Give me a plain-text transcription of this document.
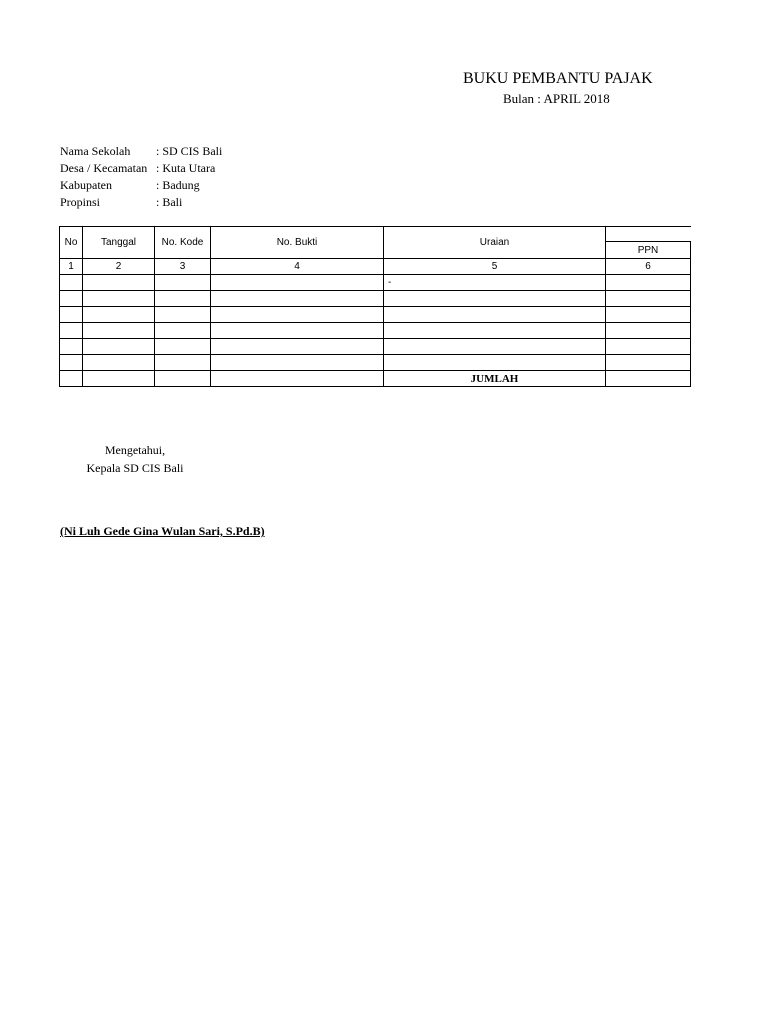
BUKU PEMBANTU PAJAK
Bulan : APRIL 2018
Nama Sekolah : SD CIS Bali
Desa / Kecamatan : Kuta Utara
Kabupaten	: Badung
Propinsi	: Bali
No	Tanggal	No. Kode	No. Bukti	Uraian	
					PPN
1	2	3	4	5	6
				-	

				JUMLAH	
Mengetahui,
Kepala SD CIS Bali
(Ni Luh Gede Gina Wulan Sari, S.Pd.B)
